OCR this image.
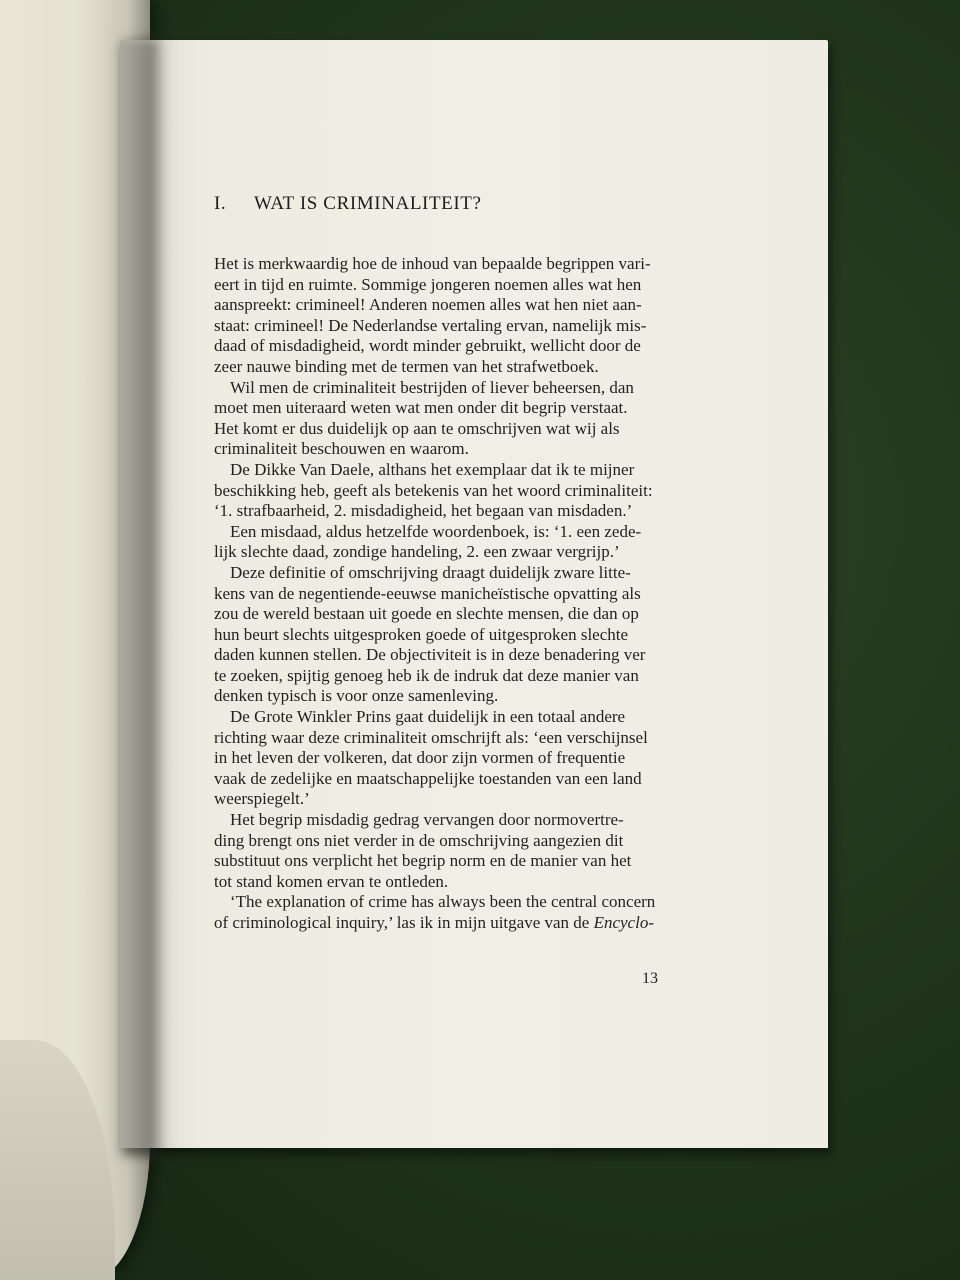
I. WAT IS CRIMINALITEIT?
Het is merkwaardig hoe de inhoud van bepaalde begrippen vari-
eert in tijd en ruimte. Sommige jongeren noemen alles wat hen
aanspreekt: crimineel! Anderen noemen alles wat hen niet aan-
staat: crimineel! De Nederlandse vertaling ervan, namelijk mis-
daad of misdadigheid, wordt minder gebruikt, wellicht door de
zeer nauwe binding met de termen van het strafwetboek.
Wil men de criminaliteit bestrijden of liever beheersen, dan
moet men uiteraard weten wat men onder dit begrip verstaat.
Het komt er dus duidelijk op aan te omschrijven wat wij als
criminaliteit beschouwen en waarom.
De Dikke Van Daele, althans het exemplaar dat ik te mijner
beschikking heb, geeft als betekenis van het woord criminaliteit:
‘1. strafbaarheid, 2. misdadigheid, het begaan van misdaden.’
Een misdaad, aldus hetzelfde woordenboek, is: ‘1. een zede-
lijk slechte daad, zondige handeling, 2. een zwaar vergrijp.’
Deze definitie of omschrijving draagt duidelijk zware litte-
kens van de negentiende-eeuwse manicheïstische opvatting als
zou de wereld bestaan uit goede en slechte mensen, die dan op
hun beurt slechts uitgesproken goede of uitgesproken slechte
daden kunnen stellen. De objectiviteit is in deze benadering ver
te zoeken, spijtig genoeg heb ik de indruk dat deze manier van
denken typisch is voor onze samenleving.
De Grote Winkler Prins gaat duidelijk in een totaal andere
richting waar deze criminaliteit omschrijft als: ‘een verschijnsel
in het leven der volkeren, dat door zijn vormen of frequentie
vaak de zedelijke en maatschappelijke toestanden van een land
weerspiegelt.’
Het begrip misdadig gedrag vervangen door normovertre-
ding brengt ons niet verder in de omschrijving aangezien dit
substituut ons verplicht het begrip norm en de manier van het
tot stand komen ervan te ontleden.
‘The explanation of crime has always been the central concern
of criminological inquiry,’ las ik in mijn uitgave van de Encyclo-
13
